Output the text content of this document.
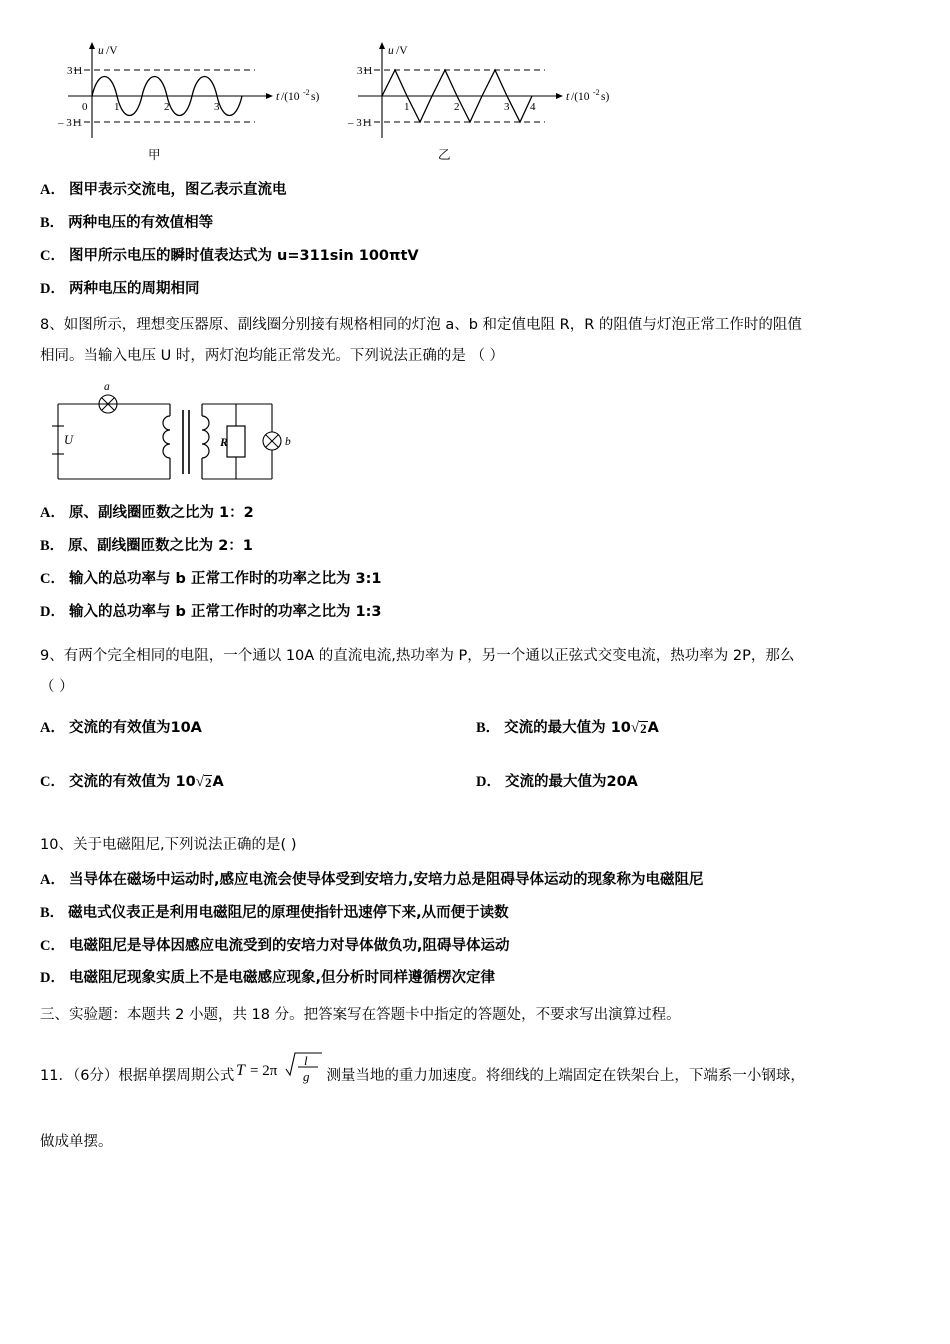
u /V
311
– 311
0 1	2	3
t /(10 -2 s)
甲
u /V
311
– 311
1	2	3 4
t /(10 -2 s)
乙
A． 图甲表示交流电，图乙表示直流电
B． 两种电压的有效值相等
C． 图甲所示电压的瞬时值表达式为 u=311sin 100πtV
D． 两种电压的周期相同
8、如图所示，理想变压器原、副线圈分别接有规格相同的灯泡 a、b 和定值电阻 R，R 的阻值与灯泡正常工作时的阻值
相同。当输入电压 U 时，两灯泡均能正常发光。下列说法正确的是 （ ）
a
U	R	b
A． 原、副线圈匝数之比为 1：2
B． 原、副线圈匝数之比为 2：1
C． 输入的总功率与 b 正常工作时的功率之比为 3:1
D． 输入的总功率与 b 正常工作时的功率之比为 1:3
9、有两个完全相同的电阻，一个通以 10A 的直流电流,热功率为 P，另一个通以正弦式交变电流，热功率为 2P，那么
（ ）
A． 交流的有效值为10A	B． 交流的最大值为 10√2A
C． 交流的有效值为 10√2A	D． 交流的最大值为20A
10、关于电磁阻尼,下列说法正确的是( )
A． 当导体在磁场中运动时,感应电流会使导体受到安培力,安培力总是阻碍导体运动的现象称为电磁阻尼
B． 磁电式仪表正是利用电磁阻尼的原理使指针迅速停下来,从而便于读数
C． 电磁阻尼是导体因感应电流受到的安培力对导体做负功,阻碍导体运动
D． 电磁阻尼现象实质上不是电磁感应现象,但分析时同样遵循楞次定律
三、实验题：本题共 2 小题，共 18 分。把答案写在答题卡中指定的答题处，不要求写出演算过程。
11．（6分）根据单摆周期公式 T = 2π
l
g 测量当地的重力加速度。将细线的上端固定在铁架台上，下端系一小钢球，
做成单摆。
